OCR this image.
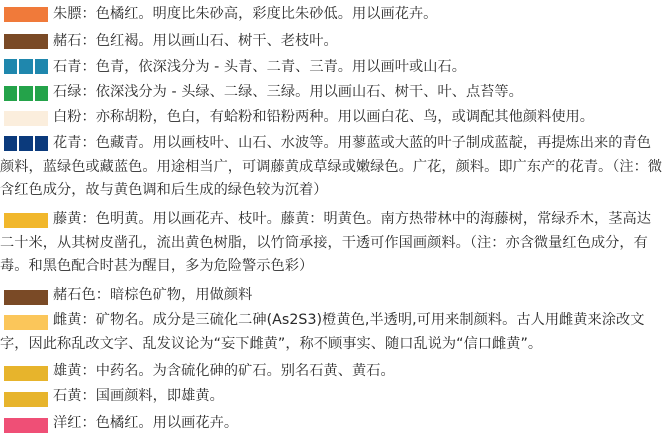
朱膘：色橘红。明度比朱砂高，彩度比朱砂低。用以画花卉。
赭石：色红褐。用以画山石、树干、老枝叶。
石青：色青，依深浅分为 - 头青、二青、三青。用以画叶或山石。
石绿：依深浅分为 - 头绿、二绿、三绿。用以画山石、树干、叶、点苔等。
白粉：亦称胡粉，色白，有蛤粉和铅粉两种。用以画白花、鸟，或调配其他颜料使用。
花青：色藏青。用以画枝叶、山石、水波等。用蓼蓝或大蓝的叶子制成蓝靛，再提炼出来的青色颜料，蓝绿色或藏蓝色。用途相当广，可调藤黄成草绿或嫩绿色。广花，颜料。即广东产的花青。（注：微含红色成分，故与黄色调和后生成的绿色较为沉着）
藤黄：色明黄。用以画花卉、枝叶。藤黄：明黄色。南方热带林中的海藤树，常绿乔木，茎高达二十米，从其树皮凿孔，流出黄色树脂，以竹筒承接，干透可作国画颜料。（注：亦含微量红色成分，有毒。和黑色配合时甚为醒目，多为危险警示色彩）
赭石色：暗棕色矿物，用做颜料
雌黄：矿物名。成分是三硫化二砷(As2S3)橙黄色,半透明,可用来制颜料。古人用雌黄来涂改文字，因此称乱改文字、乱发议论为“妄下雌黄”，称不顾事实、随口乱说为“信口雌黄”。
雄黄：中药名。为含硫化砷的矿石。别名石黄、黄石。
石黄：国画颜料，即雄黄。
洋红：色橘红。用以画花卉。
